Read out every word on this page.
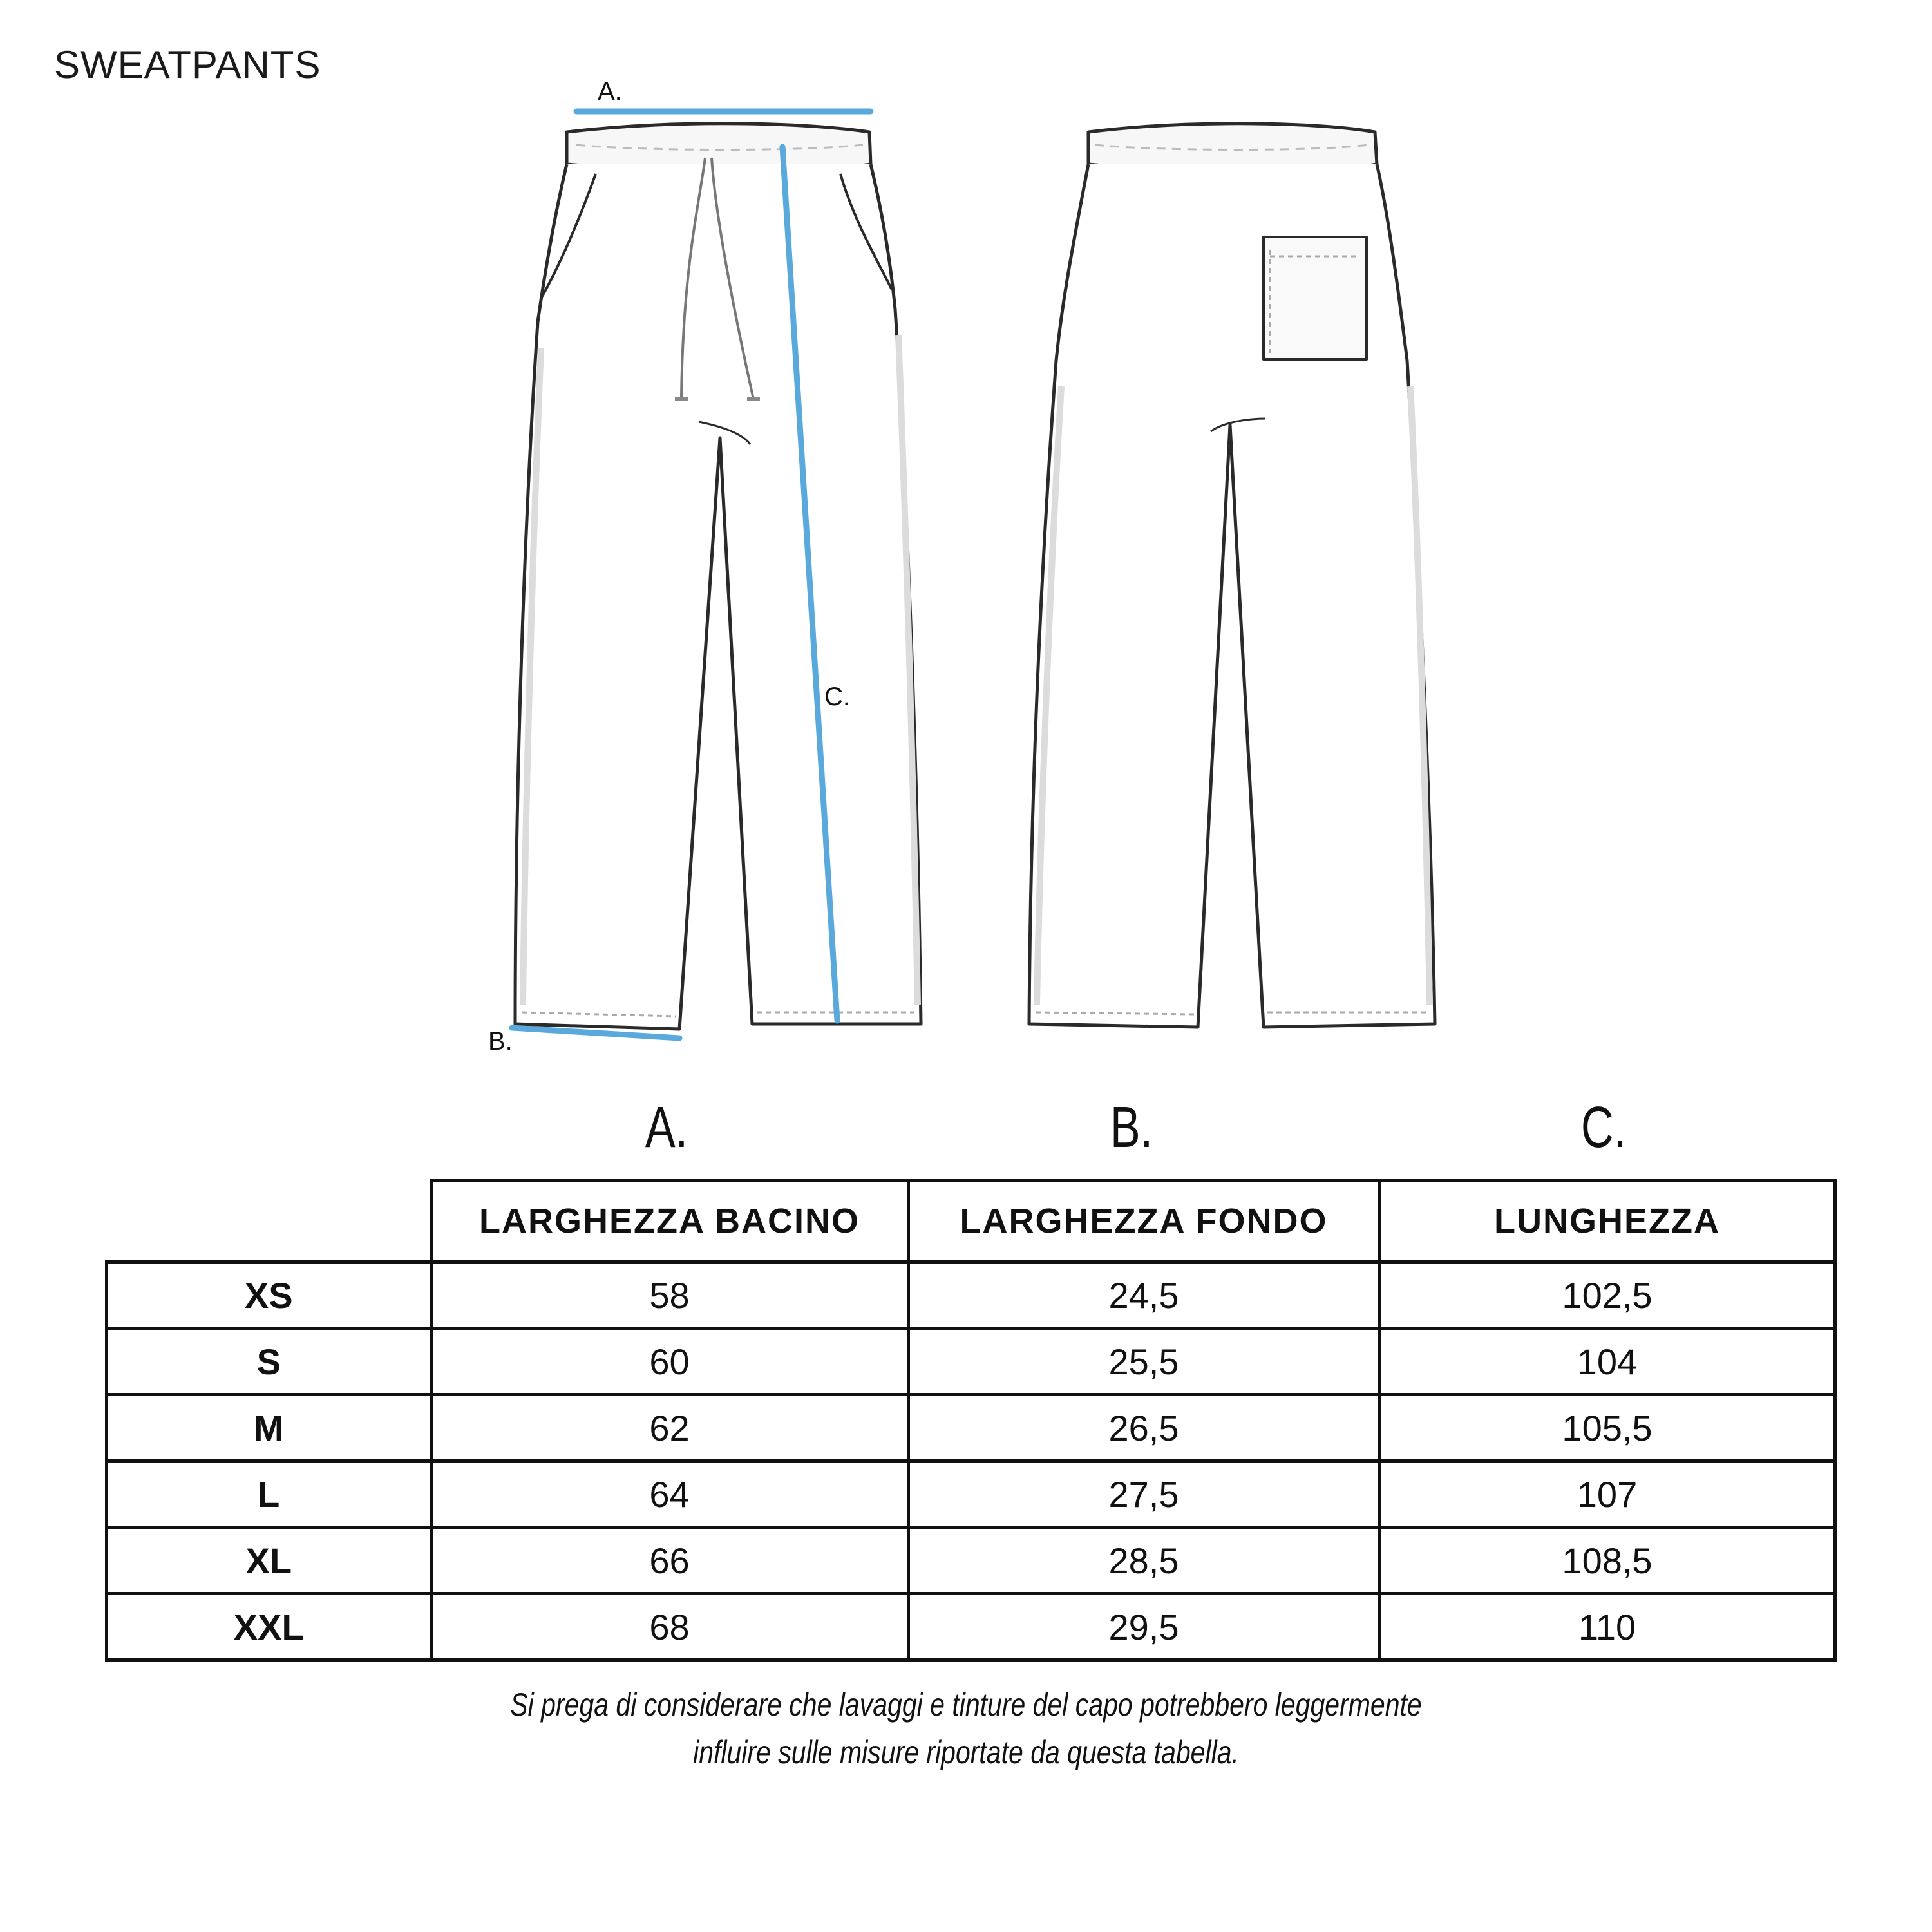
SWEATPANTS
A.
B.
C.
A.	B.	C.
	LARGHEZZA BACINO	LARGHEZZA FONDO	LUNGHEZZA
XS	58	24,5	102,5
S	60	25,5	104
M	62	26,5	105,5
L	64	27,5	107
XL	66	28,5	108,5
XXL	68	29,5	110
Si prega di considerare che lavaggi e tinture del capo potrebbero leggermente
influire sulle misure riportate da questa tabella.
